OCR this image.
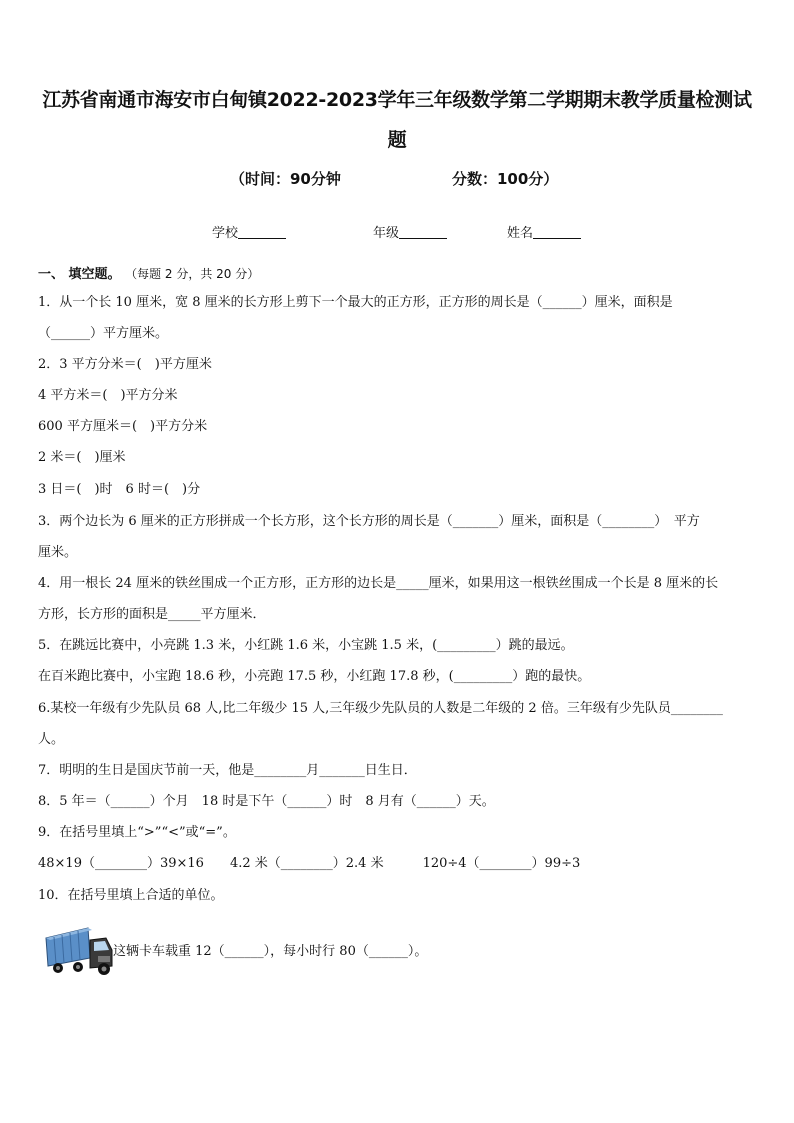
江苏省南通市海安市白甸镇2022-2023学年三年级数学第二学期期末教学质量检测试
题
（时间：90分钟	分数：100分）
学校	年级	姓名
一、 填空题。 （每题 2 分，共 20 分）
1．从一个长 10 厘米，宽 8 厘米的长方形上剪下一个最大的正方形，正方形的周长是（______）厘米，面积是
（______）平方厘米。
2．3 平方分米＝(　)平方厘米
4 平方米＝(　)平方分米
600 平方厘米＝(　)平方分米
2 米＝(　)厘米
3 日＝(　)时　6 时＝(　)分
3．两个边长为 6 厘米的正方形拼成一个长方形，这个长方形的周长是（_______）厘米，面积是（________）　平方
厘米。
4．用一根长 24 厘米的铁丝围成一个正方形，正方形的边长是_____厘米，如果用这一根铁丝围成一个长是 8 厘米的长
方形，长方形的面积是_____平方厘米．
5．在跳远比赛中，小亮跳 1.3 米，小红跳 1.6 米，小宝跳 1.5 米，(_________）跳的最远。
在百米跑比赛中，小宝跑 18.6 秒，小亮跑 17.5 秒，小红跑 17.8 秒，(_________）跑的最快。
6.某校一年级有少先队员 68 人,比二年级少 15 人,三年级少先队员的人数是二年级的 2 倍。三年级有少先队员________
人。
7．明明的生日是国庆节前一天，他是________月_______日生日．
8．5 年＝（______）个月　18 时是下午（______）时　8 月有（______）天。
9．在括号里填上“>”“<”或“=”。
48×19（________）39×16　　4.2 米（________）2.4 米　　　120÷4（________）99÷3
10．在括号里填上合适的单位。
这辆卡车载重 12（______），每小时行 80（______）。
